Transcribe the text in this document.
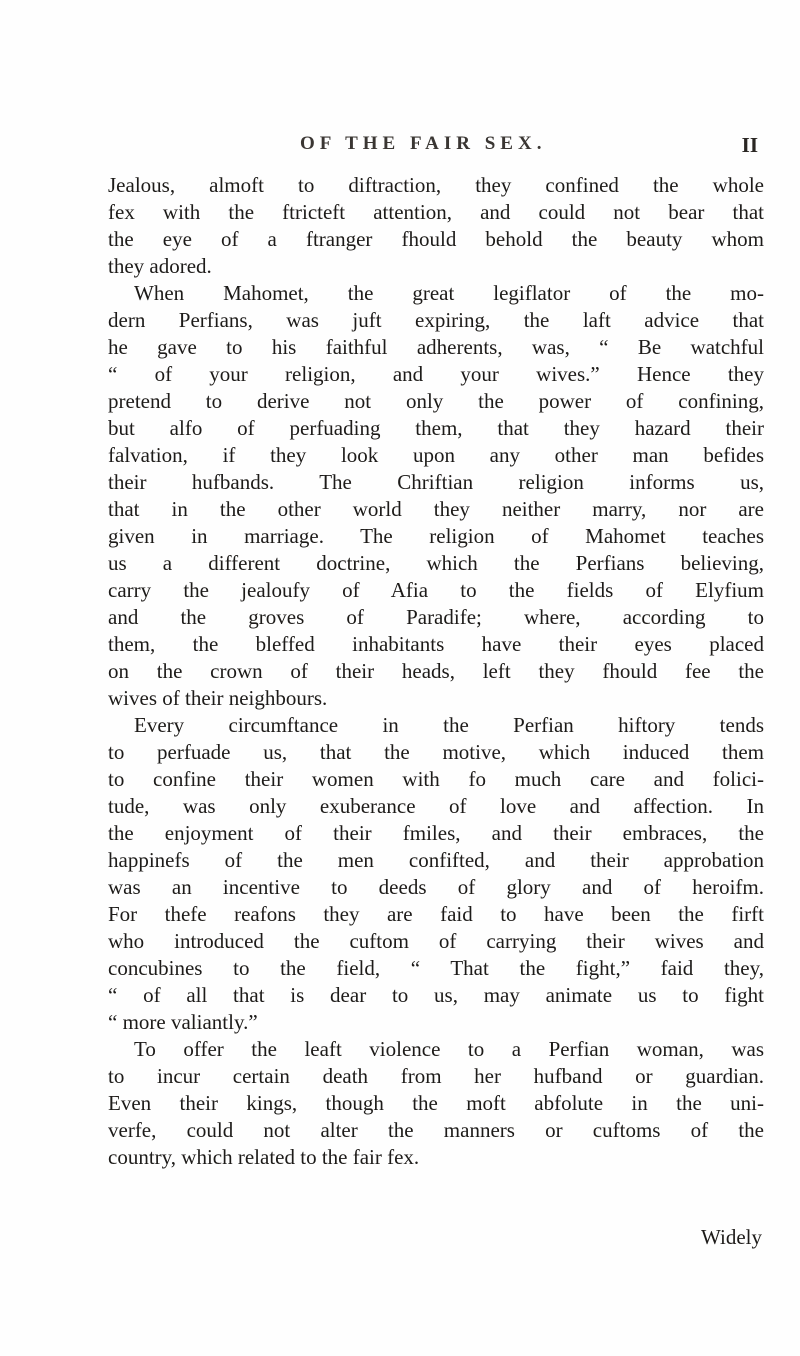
OF THE FAIR SEX.	II
Jealous, almoft to diftraction, they confined the whole
fex with the ftricteft attention, and could not bear that
the eye of a ftranger fhould behold the beauty whom
they adored.
When Mahomet, the great legiflator of the mo-
dern Perfians, was juft expiring, the laft advice that
he gave to his faithful adherents, was, “ Be watchful
“ of your religion, and your wives.” Hence they
pretend to derive not only the power of confining,
but alfo of perfuading them, that they hazard their
falvation, if they look upon any other man befides
their hufbands. The Chriftian religion informs us,
that in the other world they neither marry, nor are
given in marriage. The religion of Mahomet teaches
us a different doctrine, which the Perfians believing,
carry the jealoufy of Afia to the fields of Elyfium
and the groves of Paradife; where, according to
them, the bleffed inhabitants have their eyes placed
on the crown of their heads, left they fhould fee the
wives of their neighbours.
Every circumftance in the Perfian hiftory tends
to perfuade us, that the motive, which induced them
to confine their women with fo much care and folici-
tude, was only exuberance of love and affection. In
the enjoyment of their fmiles, and their embraces, the
happinefs of the men confifted, and their approbation
was an incentive to deeds of glory and of heroifm.
For thefe reafons they are faid to have been the firft
who introduced the cuftom of carrying their wives and
concubines to the field, “ That the fight,” faid they,
“ of all that is dear to us, may animate us to fight
“ more valiantly.”
To offer the leaft violence to a Perfian woman, was
to incur certain death from her hufband or guardian.
Even their kings, though the moft abfolute in the uni-
verfe, could not alter the manners or cuftoms of the
country, which related to the fair fex.
Widely
